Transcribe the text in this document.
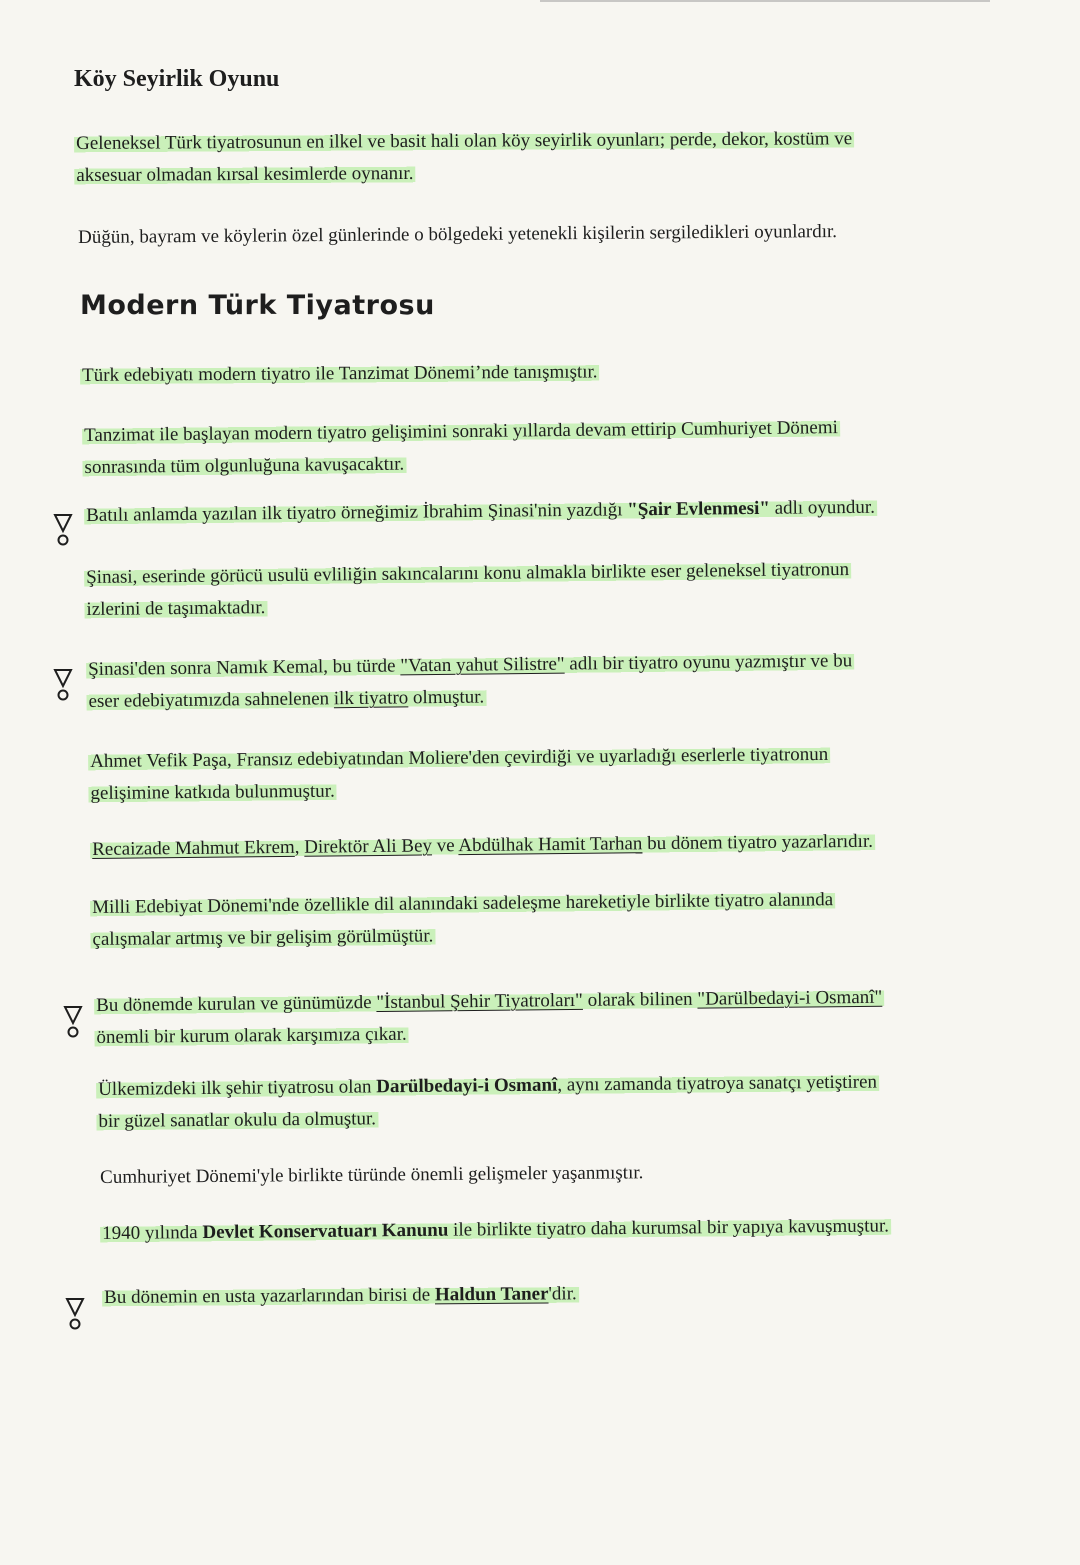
Köy Seyirlik Oyunu
Geleneksel Türk tiyatrosunun en ilkel ve basit hali olan köy seyirlik oyunları; perde, dekor, kostüm ve
aksesuar olmadan kırsal kesimlerde oynanır.
Düğün, bayram ve köylerin özel günlerinde o bölgedeki yetenekli kişilerin sergiledikleri oyunlardır.
Modern Türk Tiyatrosu
Türk edebiyatı modern tiyatro ile Tanzimat Dönemi’nde tanışmıştır.
Tanzimat ile başlayan modern tiyatro gelişimini sonraki yıllarda devam ettirip Cumhuriyet Dönemi
sonrasında tüm olgunluğuna kavuşacaktır.
Batılı anlamda yazılan ilk tiyatro örneğimiz İbrahim Şinasi'nin yazdığı "Şair Evlenmesi" adlı oyundur.
Şinasi, eserinde görücü usulü evliliğin sakıncalarını konu almakla birlikte eser geleneksel tiyatronun
izlerini de taşımaktadır.
Şinasi'den sonra Namık Kemal, bu türde "Vatan yahut Silistre" adlı bir tiyatro oyunu yazmıştır ve bu
eser edebiyatımızda sahnelenen ilk tiyatro olmuştur.
Ahmet Vefik Paşa, Fransız edebiyatından Moliere'den çevirdiği ve uyarladığı eserlerle tiyatronun
gelişimine katkıda bulunmuştur.
Recaizade Mahmut Ekrem, Direktör Ali Bey ve Abdülhak Hamit Tarhan bu dönem tiyatro yazarlarıdır.
Milli Edebiyat Dönemi'nde özellikle dil alanındaki sadeleşme hareketiyle birlikte tiyatro alanında
çalışmalar artmış ve bir gelişim görülmüştür.
Bu dönemde kurulan ve günümüzde "İstanbul Şehir Tiyatroları" olarak bilinen "Darülbedayi-i Osmanî"
önemli bir kurum olarak karşımıza çıkar.
Ülkemizdeki ilk şehir tiyatrosu olan Darülbedayi-i Osmanî, aynı zamanda tiyatroya sanatçı yetiştiren
bir güzel sanatlar okulu da olmuştur.
Cumhuriyet Dönemi'yle birlikte türünde önemli gelişmeler yaşanmıştır.
1940 yılında Devlet Konservatuarı Kanunu ile birlikte tiyatro daha kurumsal bir yapıya kavuşmuştur.
Bu dönemin en usta yazarlarından birisi de Haldun Taner'dir.
